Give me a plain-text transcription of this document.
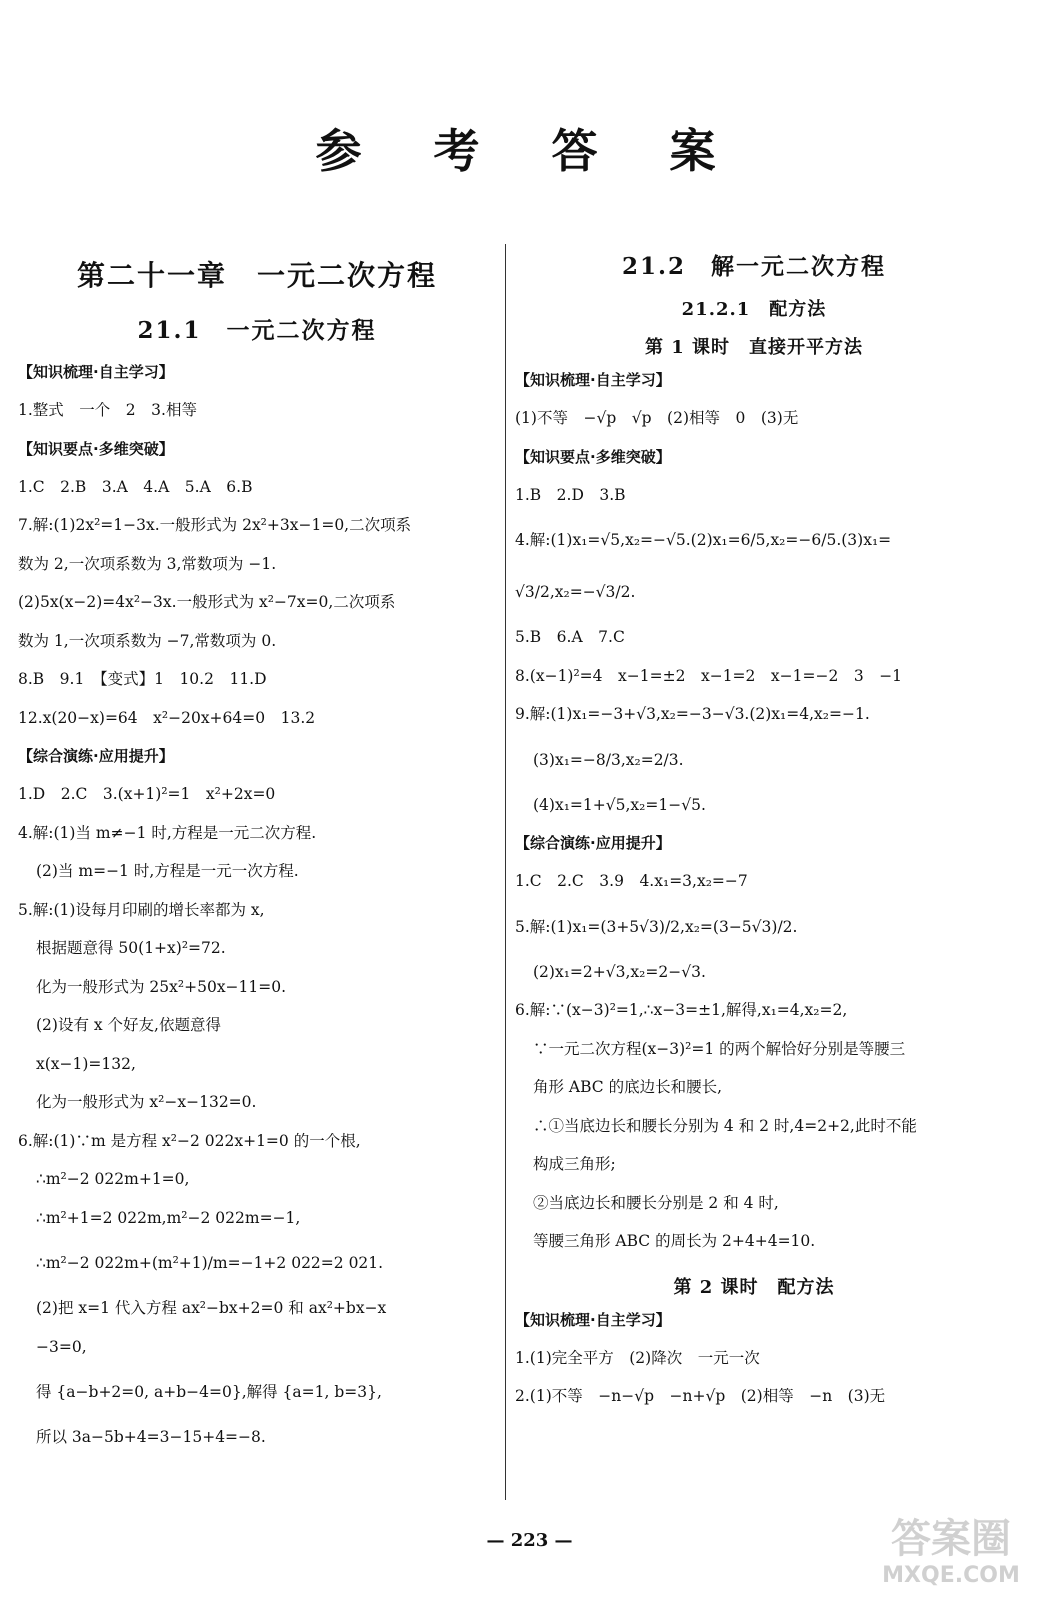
参 考 答 案
第二十一章　一元二次方程
21.1　一元二次方程
【知识梳理·自主学习】
1.整式　一个　2　3.相等
【知识要点·多维突破】
1.C　2.B　3.A　4.A　5.A　6.B
7.解:(1)2x²=1−3x.一般形式为 2x²+3x−1=0,二次项系
数为 2,一次项系数为 3,常数项为 −1.
(2)5x(x−2)=4x²−3x.一般形式为 x²−7x=0,二次项系
数为 1,一次项系数为 −7,常数项为 0.
8.B　9.1　【变式】1　10.2　11.D
12.x(20−x)=64　x²−20x+64=0　13.2
【综合演练·应用提升】
1.D　2.C　3.(x+1)²=1　x²+2x=0
4.解:(1)当 m≠−1 时,方程是一元二次方程.
(2)当 m=−1 时,方程是一元一次方程.
5.解:(1)设每月印刷的增长率都为 x,
根据题意得 50(1+x)²=72.
化为一般形式为 25x²+50x−11=0.
(2)设有 x 个好友,依题意得
x(x−1)=132,
化为一般形式为 x²−x−132=0.
6.解:(1)∵m 是方程 x²−2 022x+1=0 的一个根,
∴m²−2 022m+1=0,
∴m²+1=2 022m,m²−2 022m=−1,
∴m²−2 022m+(m²+1)/m=−1+2 022=2 021.
(2)把 x=1 代入方程 ax²−bx+2=0 和 ax²+bx−x
−3=0,
得 {a−b+2=0, a+b−4=0},解得 {a=1, b=3},
所以 3a−5b+4=3−15+4=−8.
21.2　解一元二次方程
21.2.1　配方法
第 1 课时　直接开平方法
【知识梳理·自主学习】
(1)不等　−√p　√p　(2)相等　0　(3)无
【知识要点·多维突破】
1.B　2.D　3.B
4.解:(1)x₁=√5,x₂=−√5.(2)x₁=6/5,x₂=−6/5.(3)x₁=
√3/2,x₂=−√3/2.
5.B　6.A　7.C
8.(x−1)²=4　x−1=±2　x−1=2　x−1=−2　3　−1
9.解:(1)x₁=−3+√3,x₂=−3−√3.(2)x₁=4,x₂=−1.
(3)x₁=−8/3,x₂=2/3.
(4)x₁=1+√5,x₂=1−√5.
【综合演练·应用提升】
1.C　2.C　3.9　4.x₁=3,x₂=−7
5.解:(1)x₁=(3+5√3)/2,x₂=(3−5√3)/2.
(2)x₁=2+√3,x₂=2−√3.
6.解:∵(x−3)²=1,∴x−3=±1,解得,x₁=4,x₂=2,
∵一元二次方程(x−3)²=1 的两个解恰好分别是等腰三
角形 ABC 的底边长和腰长,
∴①当底边长和腰长分别为 4 和 2 时,4=2+2,此时不能
构成三角形;
②当底边长和腰长分别是 2 和 4 时,
等腰三角形 ABC 的周长为 2+4+4=10.
第 2 课时　配方法
【知识梳理·自主学习】
1.(1)完全平方　(2)降次　一元一次
2.(1)不等　−n−√p　−n+√p　(2)相等　−n　(3)无
— 223 —	答案圈
MXQE.COM
